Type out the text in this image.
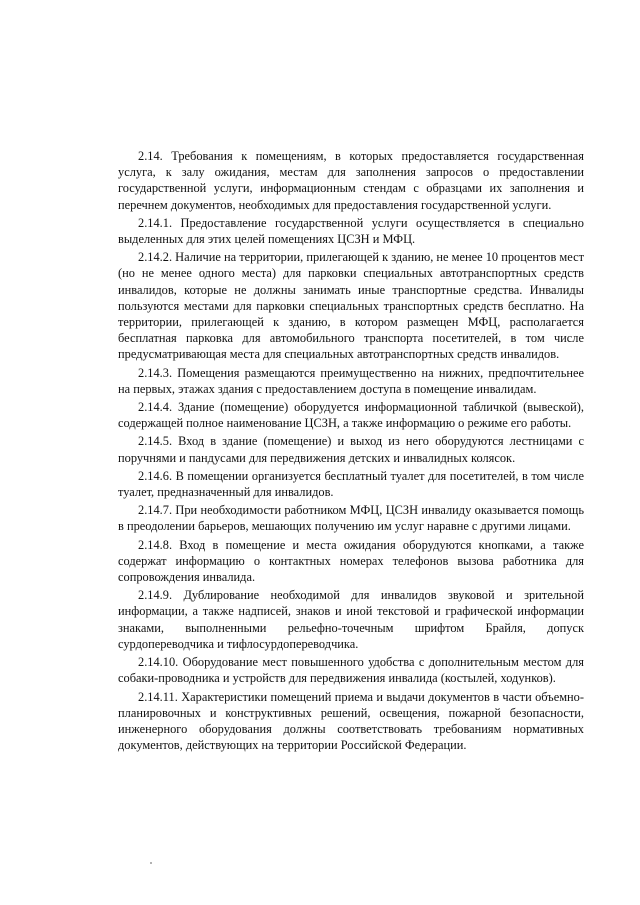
2.14. Требования к помещениям, в которых предоставляется государственная услуга, к залу ожидания, местам для заполнения запросов о предоставлении государственной услуги, информационным стендам с образцами их заполнения и перечнем документов, необходимых для предоставления государственной услуги.

2.14.1. Предоставление государственной услуги осуществляется в специально выделенных для этих целей помещениях ЦСЗН и МФЦ.

2.14.2. Наличие на территории, прилегающей к зданию, не менее 10 процентов мест (но не менее одного места) для парковки специальных автотранспортных средств инвалидов, которые не должны занимать иные транспортные средства. Инвалиды пользуются местами для парковки специальных транспортных средств бесплатно. На территории, прилегающей к зданию, в котором размещен МФЦ, располагается бесплатная парковка для автомобильного транспорта посетителей, в том числе предусматривающая места для специальных автотранспортных средств инвалидов.

2.14.3. Помещения размещаются преимущественно на нижних, предпочтительнее на первых, этажах здания с предоставлением доступа в помещение инвалидам.

2.14.4. Здание (помещение) оборудуется информационной табличкой (вывеской), содержащей полное наименование ЦСЗН, а также информацию о режиме его работы.

2.14.5. Вход в здание (помещение) и выход из него оборудуются лестницами с поручнями и пандусами для передвижения детских и инвалидных колясок.

2.14.6. В помещении организуется бесплатный туалет для посетителей, в том числе туалет, предназначенный для инвалидов.

2.14.7. При необходимости работником МФЦ, ЦСЗН инвалиду оказывается помощь в преодолении барьеров, мешающих получению им услуг наравне с другими лицами.

2.14.8. Вход в помещение и места ожидания оборудуются кнопками, а также содержат информацию о контактных номерах телефонов вызова работника для сопровождения инвалида.

2.14.9. Дублирование необходимой для инвалидов звуковой и зрительной информации, а также надписей, знаков и иной текстовой и графической информации знаками, выполненными рельефно-точечным шрифтом Брайля, допуск сурдопереводчика и тифлосурдопереводчика.

2.14.10. Оборудование мест повышенного удобства с дополнительным местом для собаки-проводника и устройств для передвижения инвалида (костылей, ходунков).

2.14.11. Характеристики помещений приема и выдачи документов в части объемно-планировочных и конструктивных решений, освещения, пожарной безопасности, инженерного оборудования должны соответствовать требованиям нормативных документов, действующих на территории Российской Федерации.
